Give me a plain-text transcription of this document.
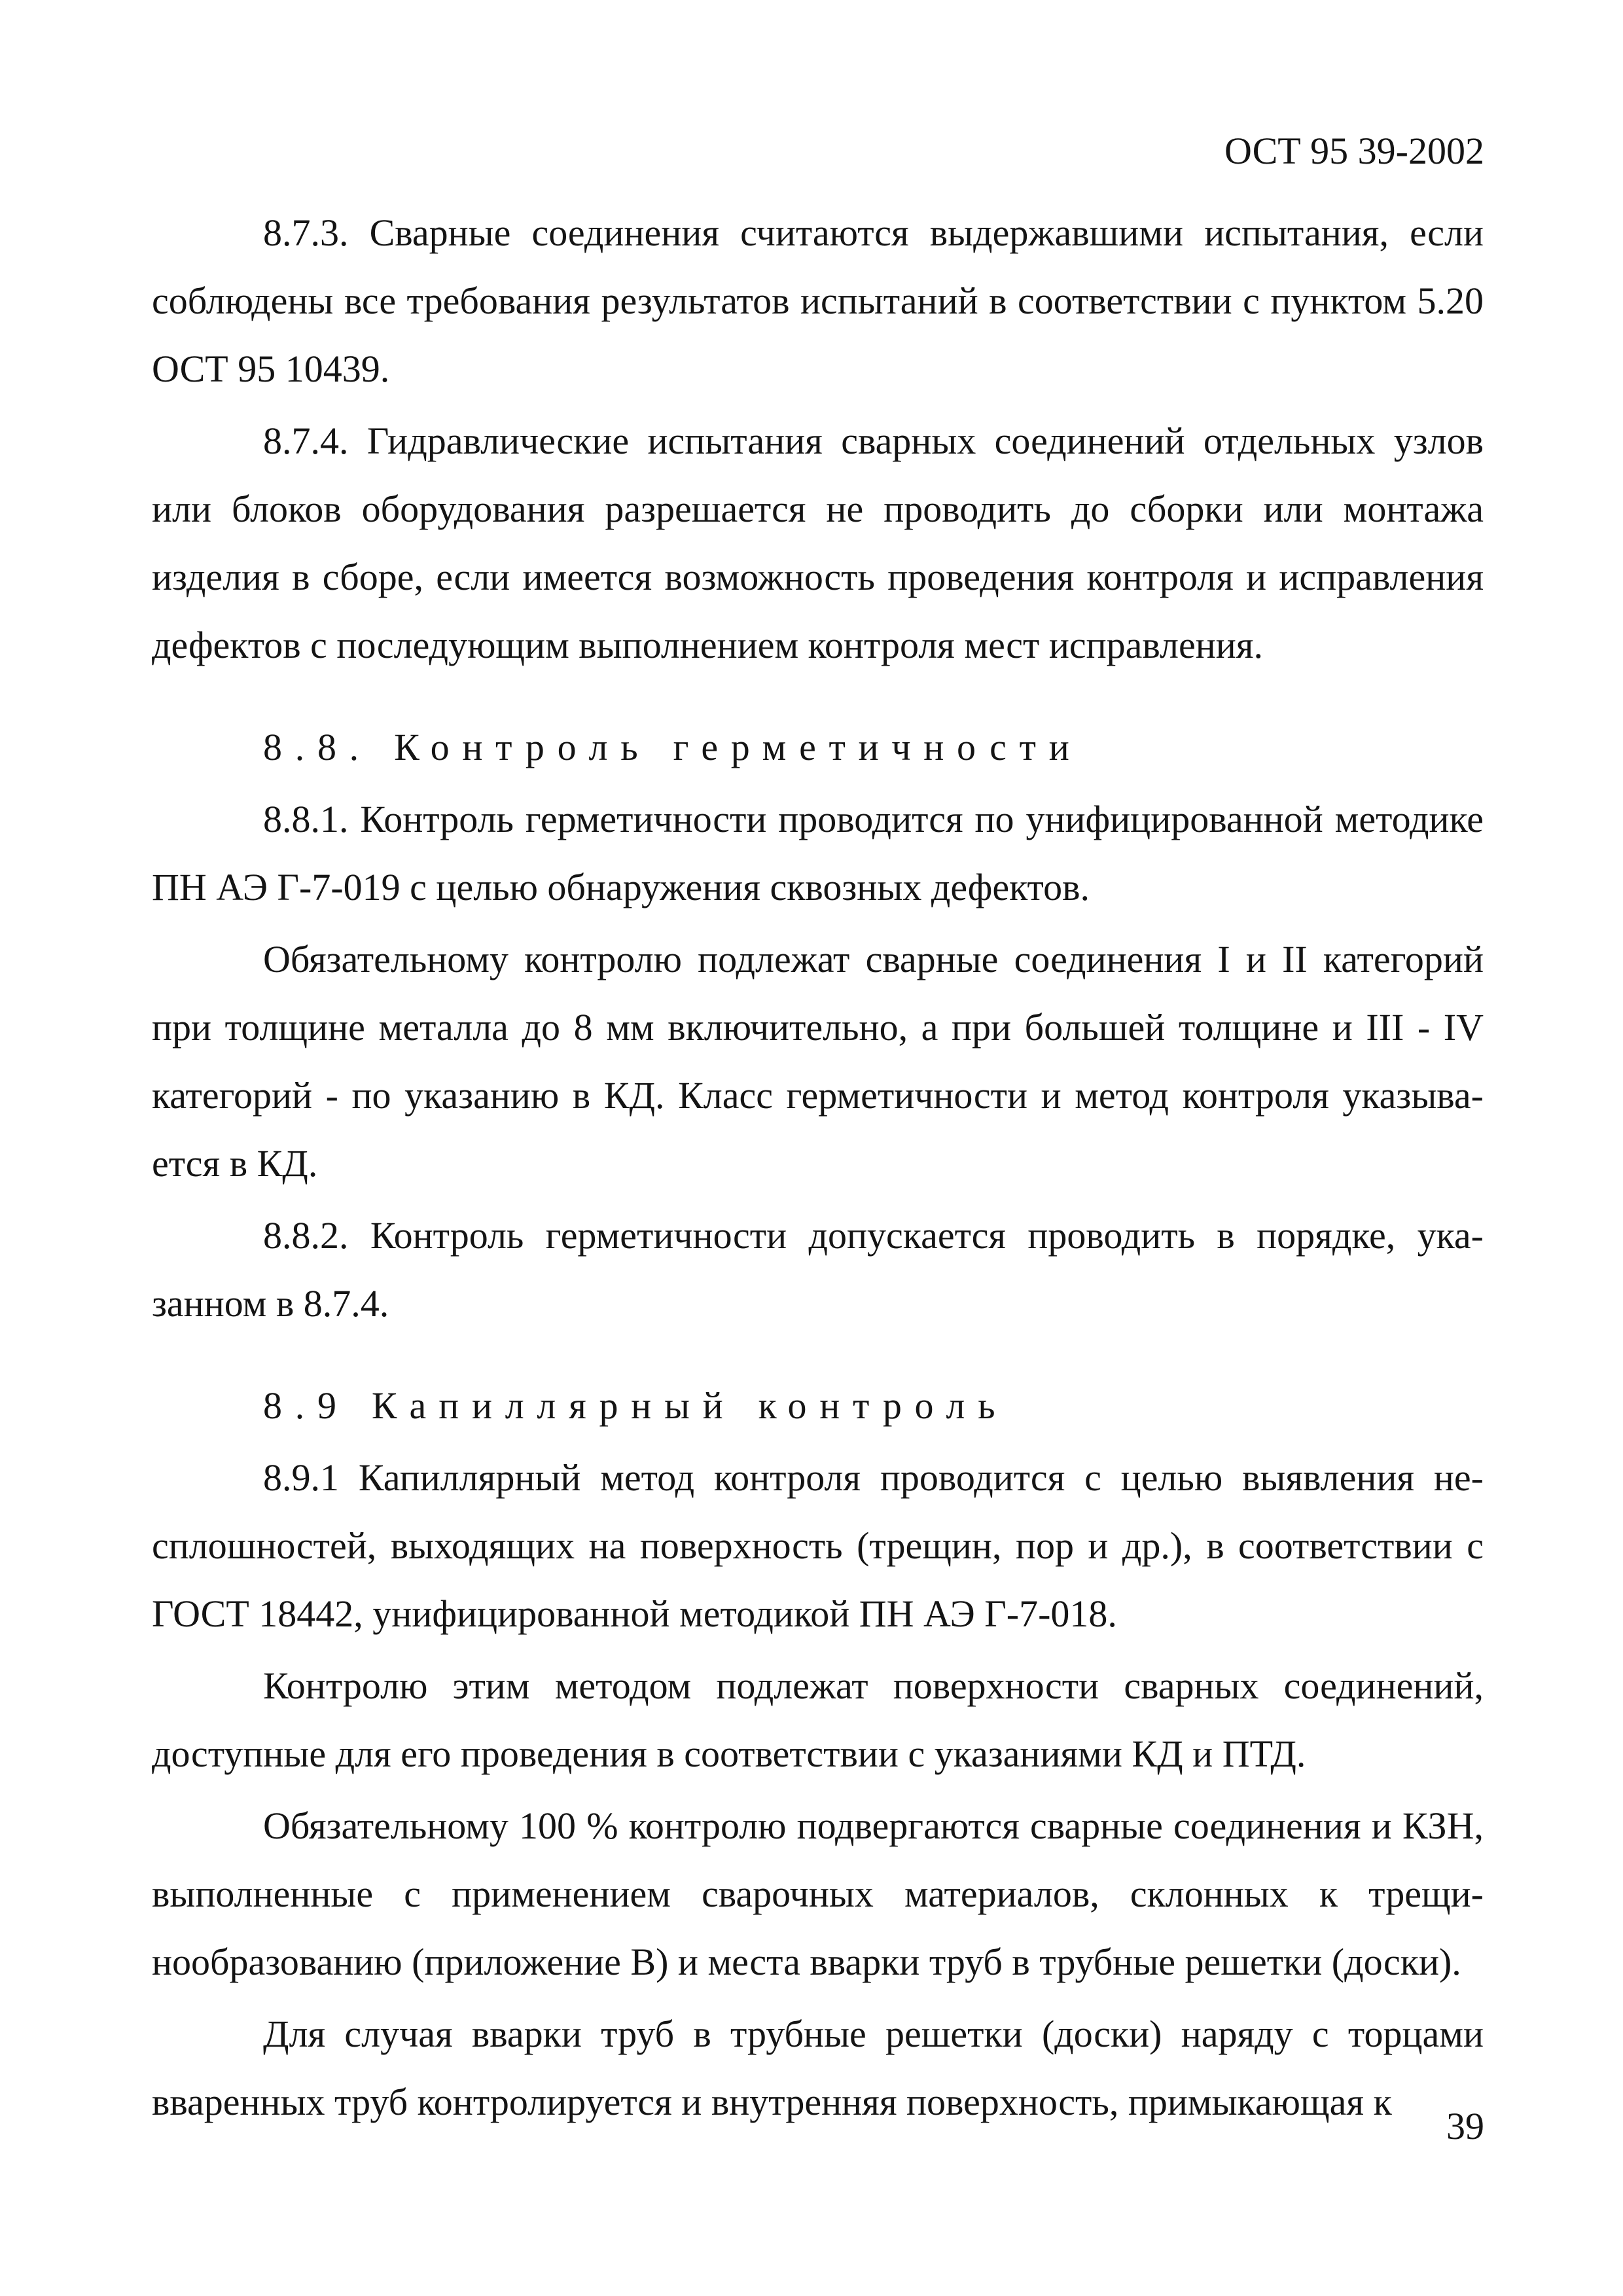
ОСТ 95 39-2002

8.7.3. Сварные соединения считаются выдержавшими испытания, если соблюдены все требования результатов испытаний в соответствии с пунктом 5.20 ОСТ 95 10439.

8.7.4. Гидравлические испытания сварных соединений отдельных узлов или блоков оборудования разрешается не проводить до сборки или монтажа изделия в сборе, если имеется возможность проведения контроля и исправления дефектов с последующим выполнением контроля мест исправления.

8.8. Контроль герметичности

8.8.1. Контроль герметичности проводится по унифицированной методике ПН АЭ Г-7-019 с целью обнаружения сквозных дефектов.

Обязательному контролю подлежат сварные соединения I и II категорий при толщине металла до 8 мм включительно, а при большей толщине и III - IV категорий - по указанию в КД. Класс герметичности и метод контроля указывается в КД.

8.8.2. Контроль герметичности допускается проводить в порядке, указанном в 8.7.4.

8.9 Капиллярный контроль

8.9.1 Капиллярный метод контроля проводится с целью выявления несплошностей, выходящих на поверхность (трещин, пор и др.), в соответствии с ГОСТ 18442, унифицированной методикой ПН АЭ Г-7-018.

Контролю этим методом подлежат поверхности сварных соединений, доступные для его проведения в соответствии с указаниями КД и ПТД.

Обязательному 100 % контролю подвергаются сварные соединения и КЗН, выполненные с применением сварочных материалов, склонных к трещинообразованию (приложение В) и места вварки труб в трубные решетки (доски).

Для случая вварки труб в трубные решетки (доски) наряду с торцами вваренных труб контролируется и внутренняя поверхность, примыкающая к

39
